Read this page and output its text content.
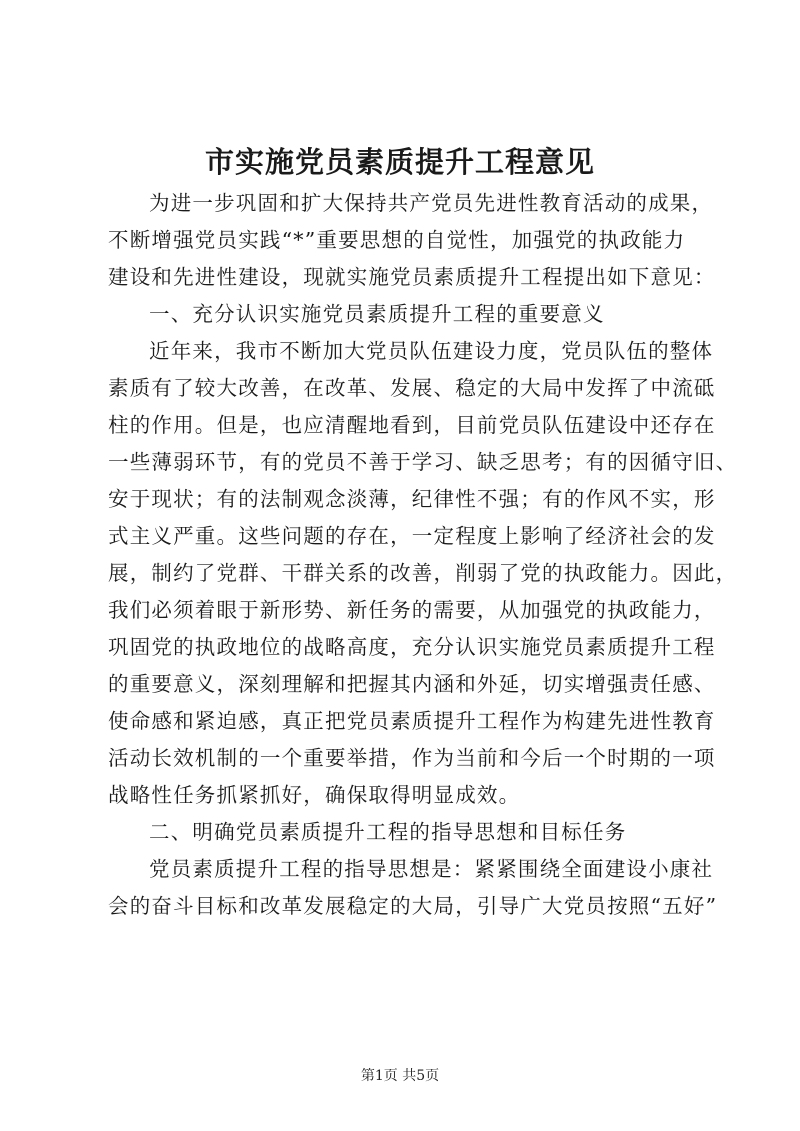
市实施党员素质提升工程意见
为进一步巩固和扩大保持共产党员先进性教育活动的成果，
不断增强党员实践“*”重要思想的自觉性，加强党的执政能力
建设和先进性建设，现就实施党员素质提升工程提出如下意见：
一、充分认识实施党员素质提升工程的重要意义
近年来，我市不断加大党员队伍建设力度，党员队伍的整体
素质有了较大改善，在改革、发展、稳定的大局中发挥了中流砥
柱的作用。但是，也应清醒地看到，目前党员队伍建设中还存在
一些薄弱环节，有的党员不善于学习、缺乏思考；有的因循守旧、
安于现状；有的法制观念淡薄，纪律性不强；有的作风不实，形
式主义严重。这些问题的存在，一定程度上影响了经济社会的发
展，制约了党群、干群关系的改善，削弱了党的执政能力。因此，
我们必须着眼于新形势、新任务的需要，从加强党的执政能力，
巩固党的执政地位的战略高度，充分认识实施党员素质提升工程
的重要意义，深刻理解和把握其内涵和外延，切实增强责任感、
使命感和紧迫感，真正把党员素质提升工程作为构建先进性教育
活动长效机制的一个重要举措，作为当前和今后一个时期的一项
战略性任务抓紧抓好，确保取得明显成效。
二、明确党员素质提升工程的指导思想和目标任务
党员素质提升工程的指导思想是：紧紧围绕全面建设小康社
会的奋斗目标和改革发展稳定的大局，引导广大党员按照“五好”
第1页 共5页
